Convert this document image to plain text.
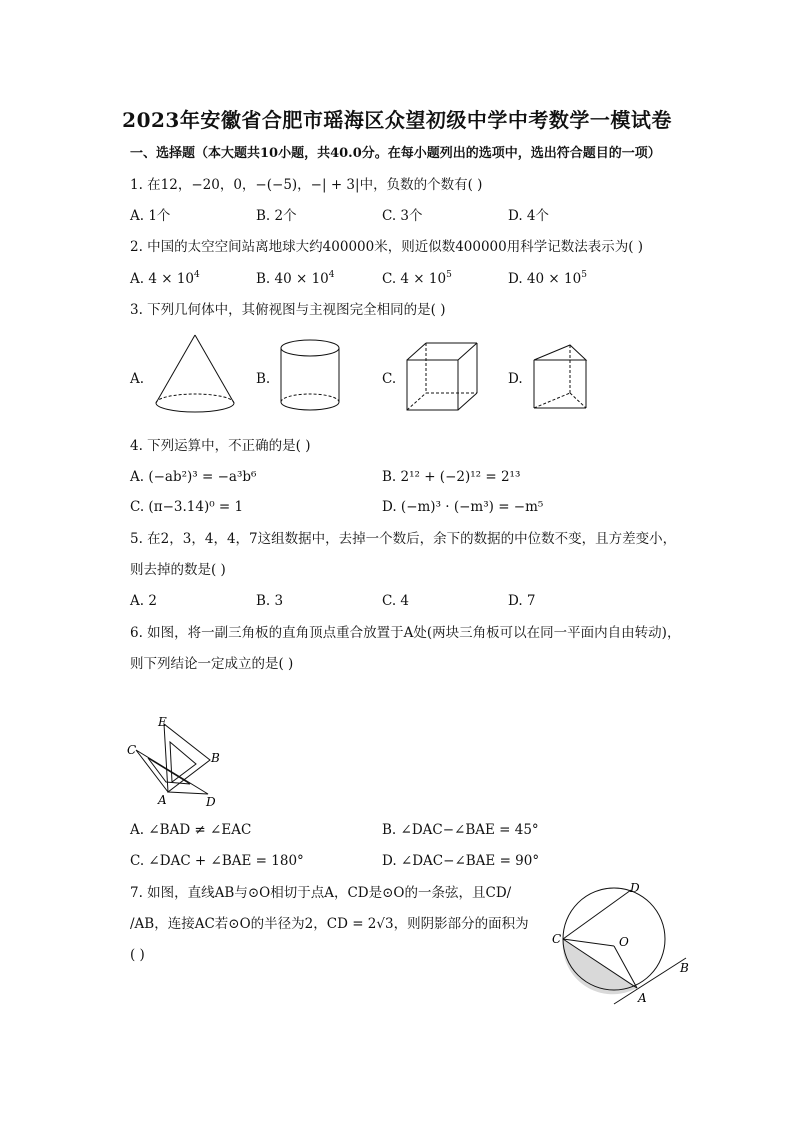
2023年安徽省合肥市瑶海区众望初级中学中考数学一模试卷
一、选择题（本大题共10小题，共40.0分。在每小题列出的选项中，选出符合题目的一项）
1. 在12，−20，0，−(−5)，−| + 3|中，负数的个数有( )
A. 1个	B. 2个	C. 3个	D. 4个
2. 中国的太空空间站离地球大约400000米，则近似数400000用科学记数法表示为( )
A. $4 \times 10^4$	B. $40 \times 10^4$	C. $4 \times 10^5$	D. $40 \times 10^5$
3. 下列几何体中，其俯视图与主视图完全相同的是( )
A.	B.	C.	D.
4. 下列运算中，不正确的是( )
A. (−ab²)³ = −a³b⁶	B. 2¹² + (−2)¹² = 2¹³
C. (π−3.14)⁰ = 1	D. (−m)³ · (−m³) = −m⁵
5. 在2，3，4，4，7这组数据中，去掉一个数后，余下的数据的中位数不变，且方差变小，
则去掉的数是( )
A. 2	B. 3	C. 4	D. 7
6. 如图，将一副三角板的直角顶点重合放置于A处(两块三角板可以在同一平面内自由转动)，
则下列结论一定成立的是( )
E
C
B
A	D
A. ∠BAD ≠ ∠EAC	B. ∠DAC−∠BAE = 45°
C. ∠DAC + ∠BAE = 180°	D. ∠DAC−∠BAE = 90°
7. 如图，直线AB与⊙O相切于点A，CD是⊙O的一条弦，且CD/
/AB，连接AC若⊙O的半径为2，CD = 2√3，则阴影部分的面积为
( )
D
C	O
B
A
